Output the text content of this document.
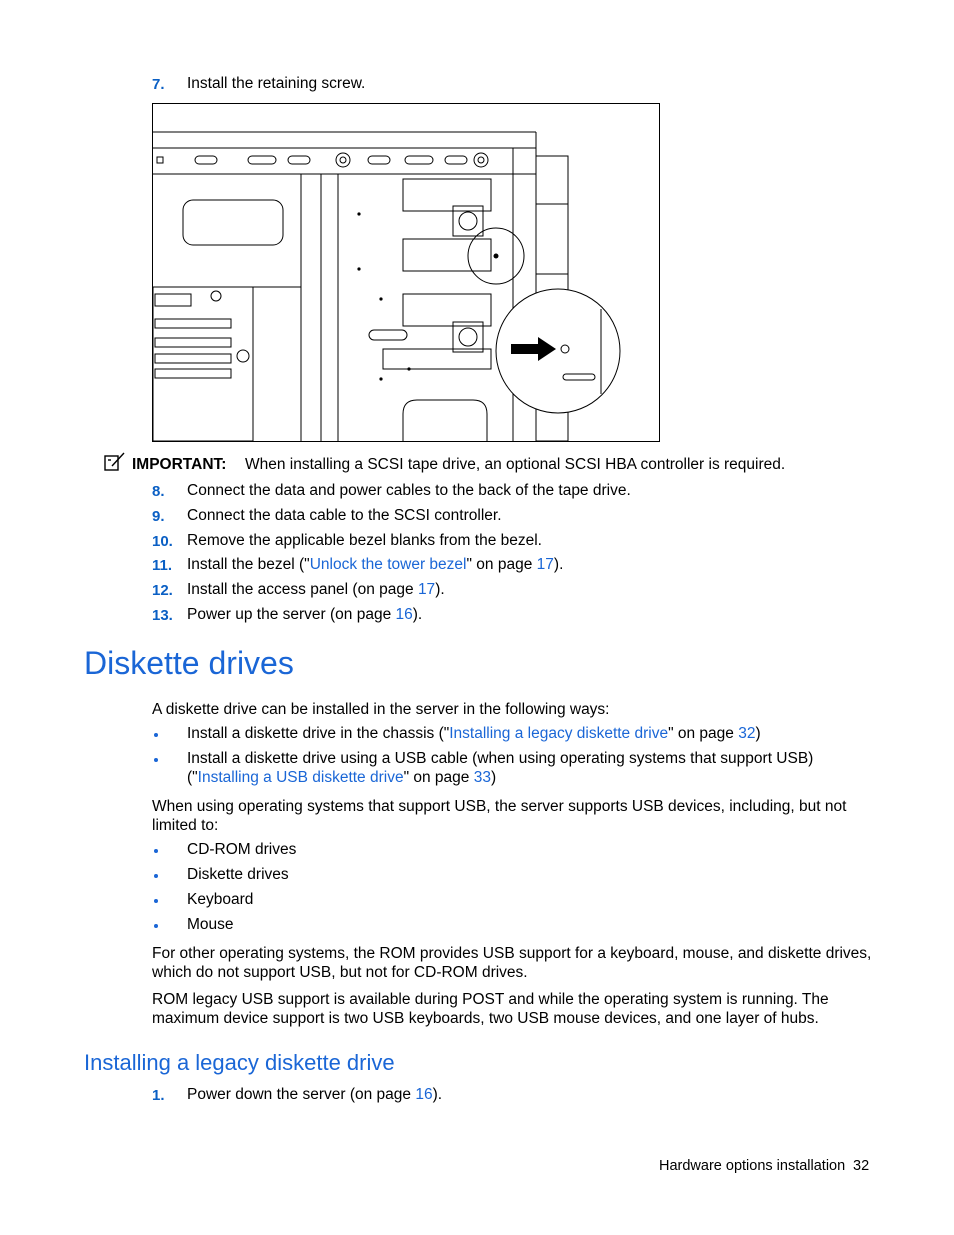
7. Install the retaining screw.
IMPORTANT: When installing a SCSI tape drive, an optional SCSI HBA controller is required.
8. Connect the data and power cables to the back of the tape drive.
9. Connect the data cable to the SCSI controller.
10. Remove the applicable bezel blanks from the bezel.
11. Install the bezel ("Unlock the tower bezel" on page 17).
12. Install the access panel (on page 17).
13. Power up the server (on page 16).
Diskette drives
A diskette drive can be installed in the server in the following ways:
Install a diskette drive in the chassis ("Installing a legacy diskette drive" on page 32)
Install a diskette drive using a USB cable (when using operating systems that support USB)
("Installing a USB diskette drive" on page 33)
When using operating systems that support USB, the server supports USB devices, including, but not
limited to:
CD-ROM drives
Diskette drives
Keyboard
Mouse
For other operating systems, the ROM provides USB support for a keyboard, mouse, and diskette drives,
which do not support USB, but not for CD-ROM drives.
ROM legacy USB support is available during POST and while the operating system is running. The
maximum device support is two USB keyboards, two USB mouse devices, and one layer of hubs.
Installing a legacy diskette drive
1. Power down the server (on page 16).
Hardware options installation 32
